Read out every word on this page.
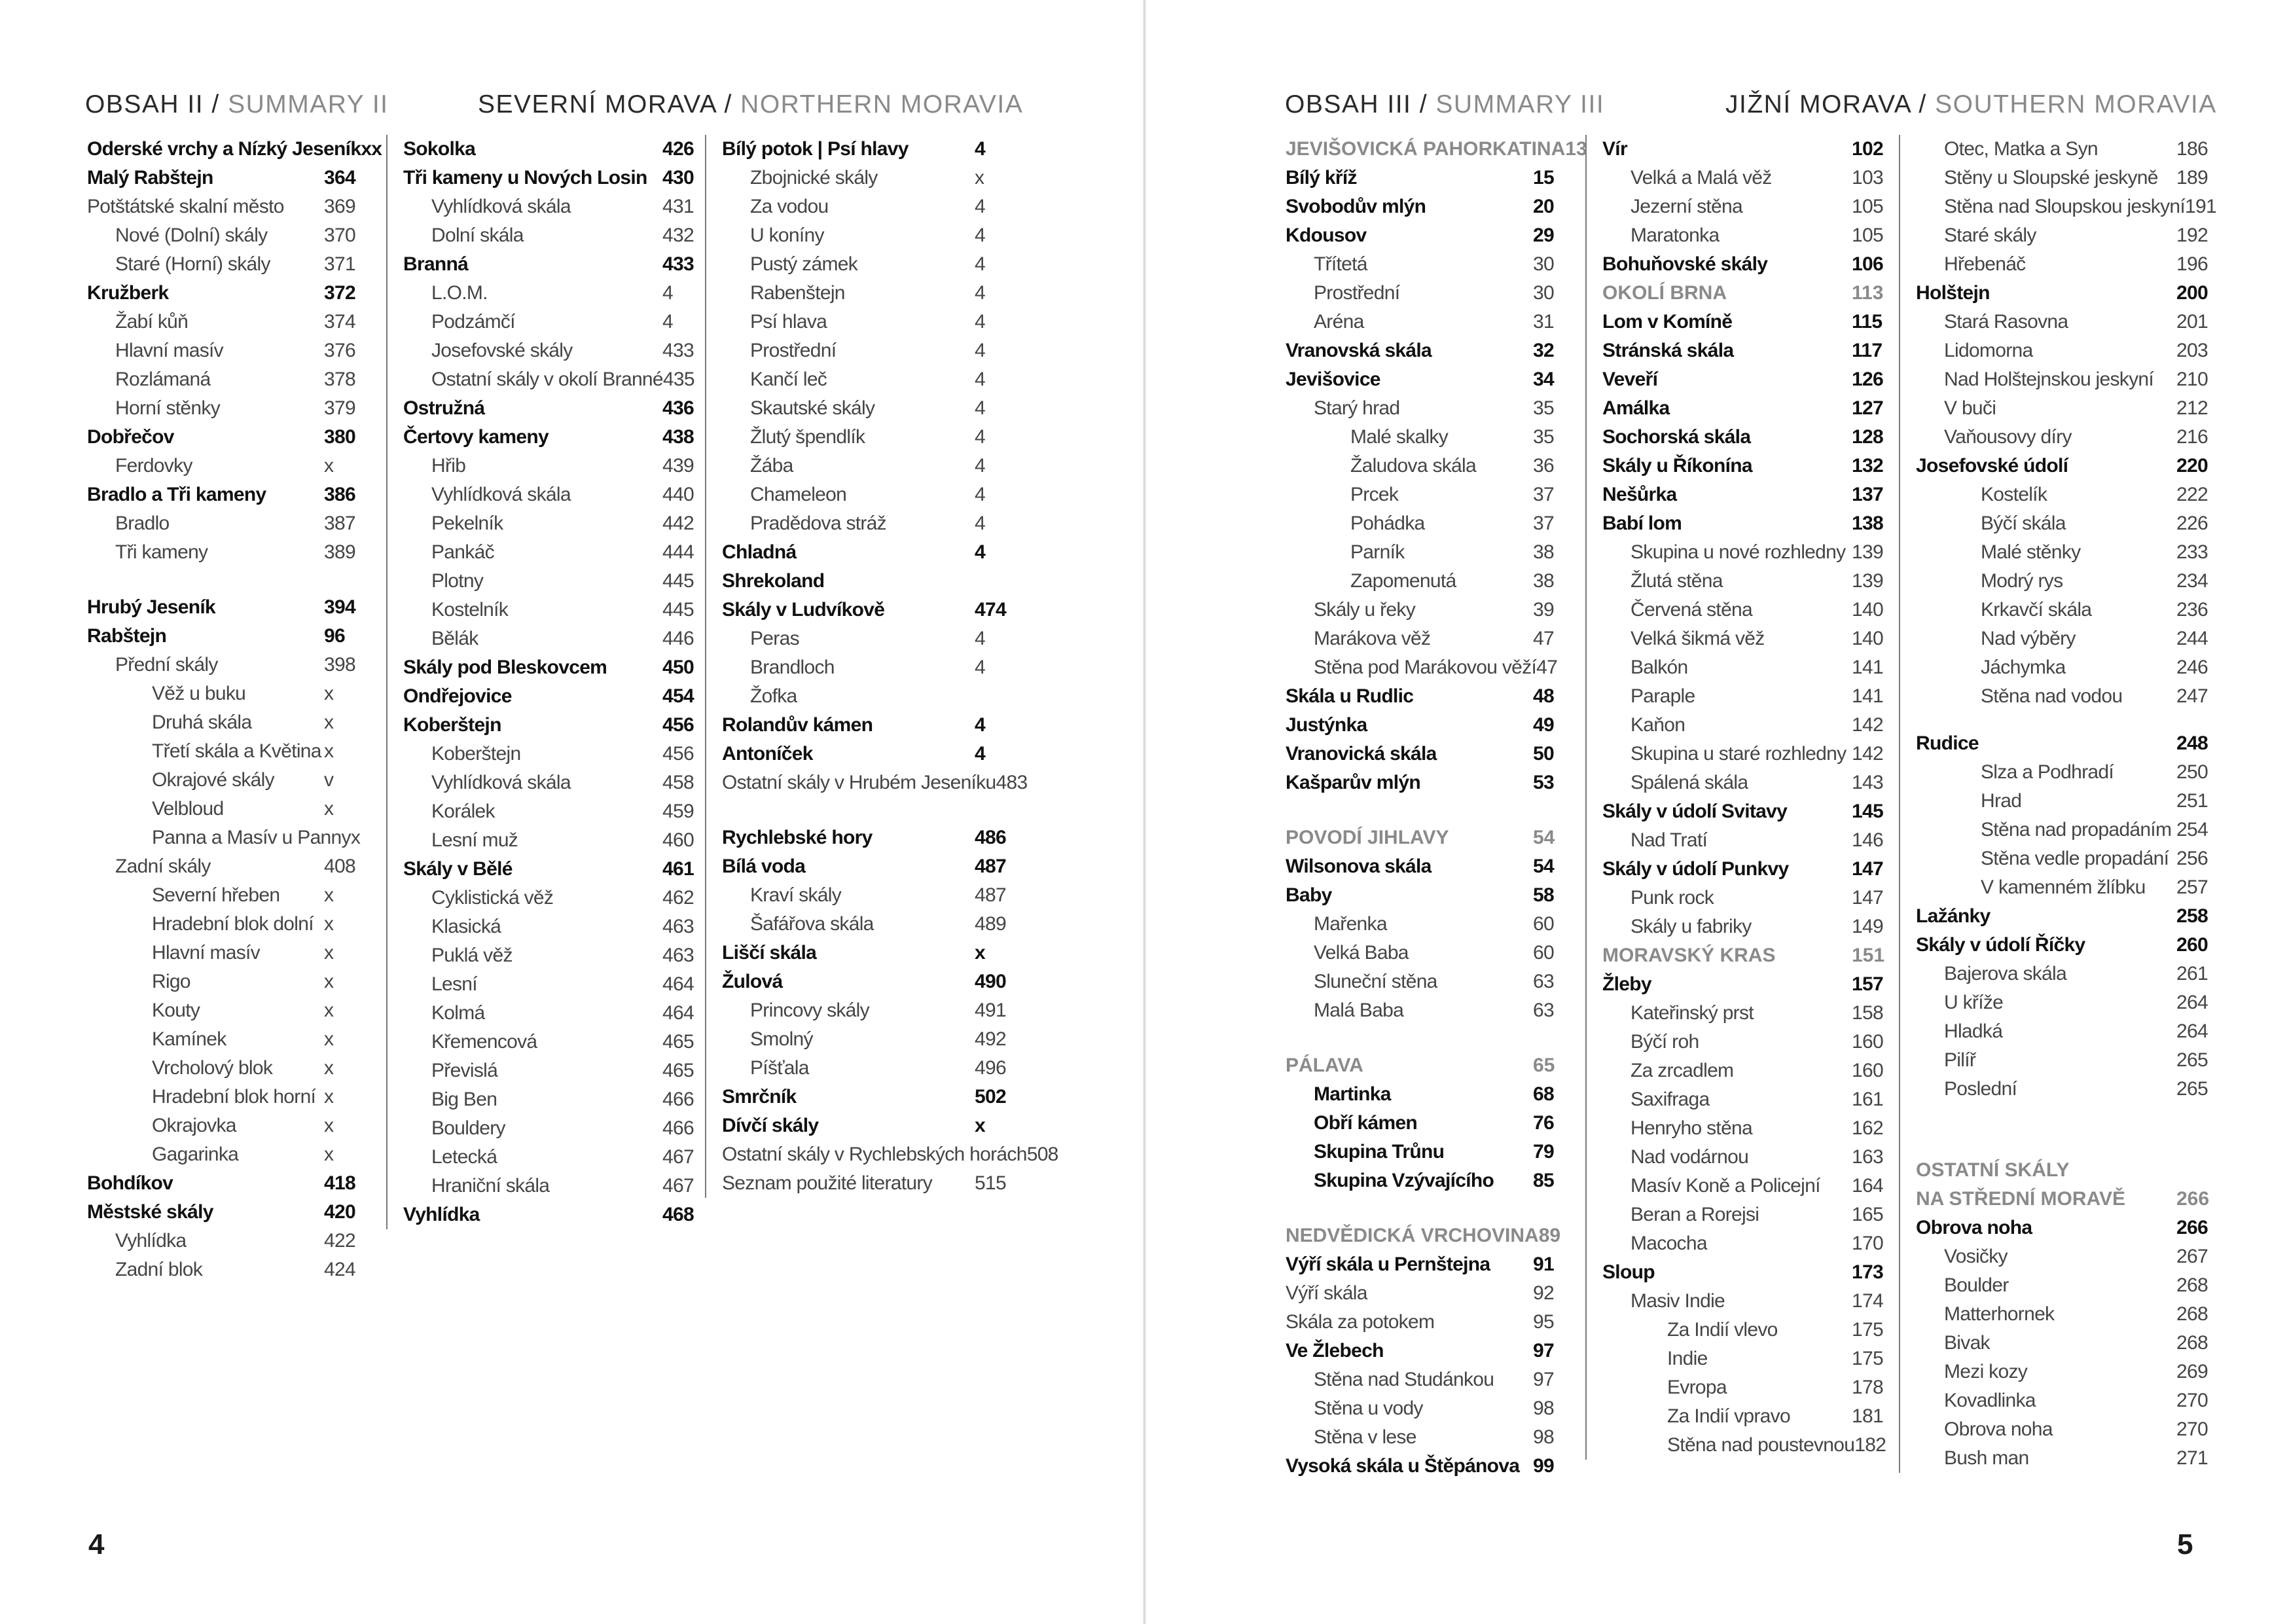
OBSAH II / SUMMARY II	SEVERNÍ MORAVA / NORTHERN MORAVIA
Oderské vrchy a Nízký Jeseník xx
Malý Rabštejn	364
Potštátské skalní město	369
Nové (Dolní) skály	370
Staré (Horní) skály	371
Kružberk	372
Žabí kůň	374
Hlavní masív	376
Rozlámaná	378
Horní stěnky	379
Dobřečov	380
Ferdovky	x
Bradlo a Tři kameny	386
Bradlo	387
Tři kameny	389
Hrubý Jeseník	394
Rabštejn	96
Přední skály	398
Věž u buku	x
Druhá skála	x
Třetí skála a Květina x
Okrajové skály	v
Velbloud	x
Panna a Masív u Panny x
Zadní skály	408
Severní hřeben	x
Hradební blok dolní x
Hlavní masív	x
Rigo	x
Kouty	x
Kamínek	x
Vrcholový blok	x
Hradební blok horní x
Okrajovka	x
Gagarinka	x
Bohdíkov	418
Městské skály	420
Vyhlídka	422
Zadní blok	424
Sokolka	426
Tři kameny u Nových Losin 430
Vyhlídková skála	431
Dolní skála	432
Branná	433
L.O.M.	4
Podzámčí	4
Josefovské skály	433
Ostatní skály v okolí Branné 435
Ostružná	436
Čertovy kameny	438
Hřib	439
Vyhlídková skála	440
Pekelník	442
Pankáč	444
Plotny	445
Kostelník	445
Bělák	446
Skály pod Bleskovcem	450
Ondřejovice	454
Koberštejn	456
Koberštejn	456
Vyhlídková skála	458
Korálek	459
Lesní muž	460
Skály v Bělé	461
Cyklistická věž	462
Klasická	463
Puklá věž	463
Lesní	464
Kolmá	464
Křemencová	465
Převislá	465
Big Ben	466
Bouldery	466
Letecká	467
Hraniční skála	467
Vyhlídka	468
Bílý potok | Psí hlavy	4
Zbojnické skály	x
Za vodou	4
U koníny	4
Pustý zámek	4
Rabenštejn	4
Psí hlava	4
Prostřední	4
Kančí leč	4
Skautské skály	4
Žlutý špendlík	4
Žába	4
Chameleon	4
Pradědova stráž	4
Chladná	4
Shrekoland
Skály v Ludvíkově	474
Peras	4
Brandloch	4
Žofka
Rolandův kámen	4
Antoníček	4
Ostatní skály v Hrubém Jeseníku 483
Rychlebské hory	486
Bílá voda	487
Kraví skály	487
Šafářova skála	489
Liščí skála	x
Žulová	490
Princovy skály	491
Smolný	492
Píšťala	496
Smrčník	502
Dívčí skály	x
Ostatní skály v Rychlebských horách 508
Seznam použité literatury	515
4
OBSAH III / SUMMARY III	JIŽNÍ MORAVA / SOUTHERN MORAVIA
JEVIŠOVICKÁ PAHORKATINA 13
Bílý kříž	15
Svobodův mlýn	20
Kdousov	29
Třítetá	30
Prostřední	30
Aréna	31
Vranovská skála	32
Jevišovice	34
Starý hrad	35
Malé skalky	35
Žaludova skála	36
Prcek	37
Pohádka	37
Parník	38
Zapomenutá	38
Skály u řeky	39
Marákova věž	47
Stěna pod Marákovou věží 47
Skála u Rudlic	48
Justýnka	49
Vranovická skála	50
Kašparův mlýn	53
POVODÍ JIHLAVY	54
Wilsonova skála	54
Baby	58
Mařenka	60
Velká Baba	60
Sluneční stěna	63
Malá Baba	63
PÁLAVA	65
Martinka	68
Obří kámen	76
Skupina Trůnu	79
Skupina Vzývajícího	85
NEDVĚDICKÁ VRCHOVINA 89
Výří skála u Pernštejna	91
Výří skála	92
Skála za potokem	95
Ve Žlebech	97
Stěna nad Studánkou	97
Stěna u vody	98
Stěna v lese	98
Vysoká skála u Štěpánova 99
Vír	102
Velká a Malá věž	103
Jezerní stěna	105
Maratonka	105
Bohuňovské skály	106
OKOLÍ BRNA	113
Lom v Komíně	115
Stránská skála	117
Veveří	126
Amálka	127
Sochorská skála	128
Skály u Říkonína	132
Nešůrka	137
Babí lom	138
Skupina u nové rozhledny 139
Žlutá stěna	139
Červená stěna	140
Velká šikmá věž	140
Balkón	141
Paraple	141
Kaňon	142
Skupina u staré rozhledny 142
Spálená skála	143
Skály v údolí Svitavy	145
Nad Tratí	146
Skály v údolí Punkvy	147
Punk rock	147
Skály u fabriky	149
MORAVSKÝ KRAS	151
Žleby	157
Kateřinský prst	158
Býčí roh	160
Za zrcadlem	160
Saxifraga	161
Henryho stěna	162
Nad vodárnou	163
Masív Koně a Policejní	164
Beran a Rorejsi	165
Macocha	170
Sloup	173
Masiv Indie	174
Za Indií vlevo	175
Indie	175
Evropa	178
Za Indií vpravo	181
Stěna nad poustevnou 182
Otec, Matka a Syn	186
Stěny u Sloupské jeskyně 189
Stěna nad Sloupskou jeskyní 191
Staré skály	192
Hřebenáč	196
Holštejn	200
Stará Rasovna	201
Lidomorna	203
Nad Holštejnskou jeskyní	210
V buči	212
Vaňousovy díry	216
Josefovské údolí	220
Kostelík	222
Býčí skála	226
Malé stěnky	233
Modrý rys	234
Krkavčí skála	236
Nad výběry	244
Jáchymka	246
Stěna nad vodou	247
Rudice	248
Slza a Podhradí	250
Hrad	251
Stěna nad propadáním 254
Stěna vedle propadání 256
V kamenném žlíbku	257
Lažánky	258
Skály v údolí Říčky	260
Bajerova skála	261
U kříže	264
Hladká	264
Pilíř	265
Poslední	265
OSTATNÍ SKÁLY
NA STŘEDNÍ MORAVĚ	266
Obrova noha	266
Vosičky	267
Boulder	268
Matterhornek	268
Bivak	268
Mezi kozy	269
Kovadlinka	270
Obrova noha	270
Bush man	271
5
